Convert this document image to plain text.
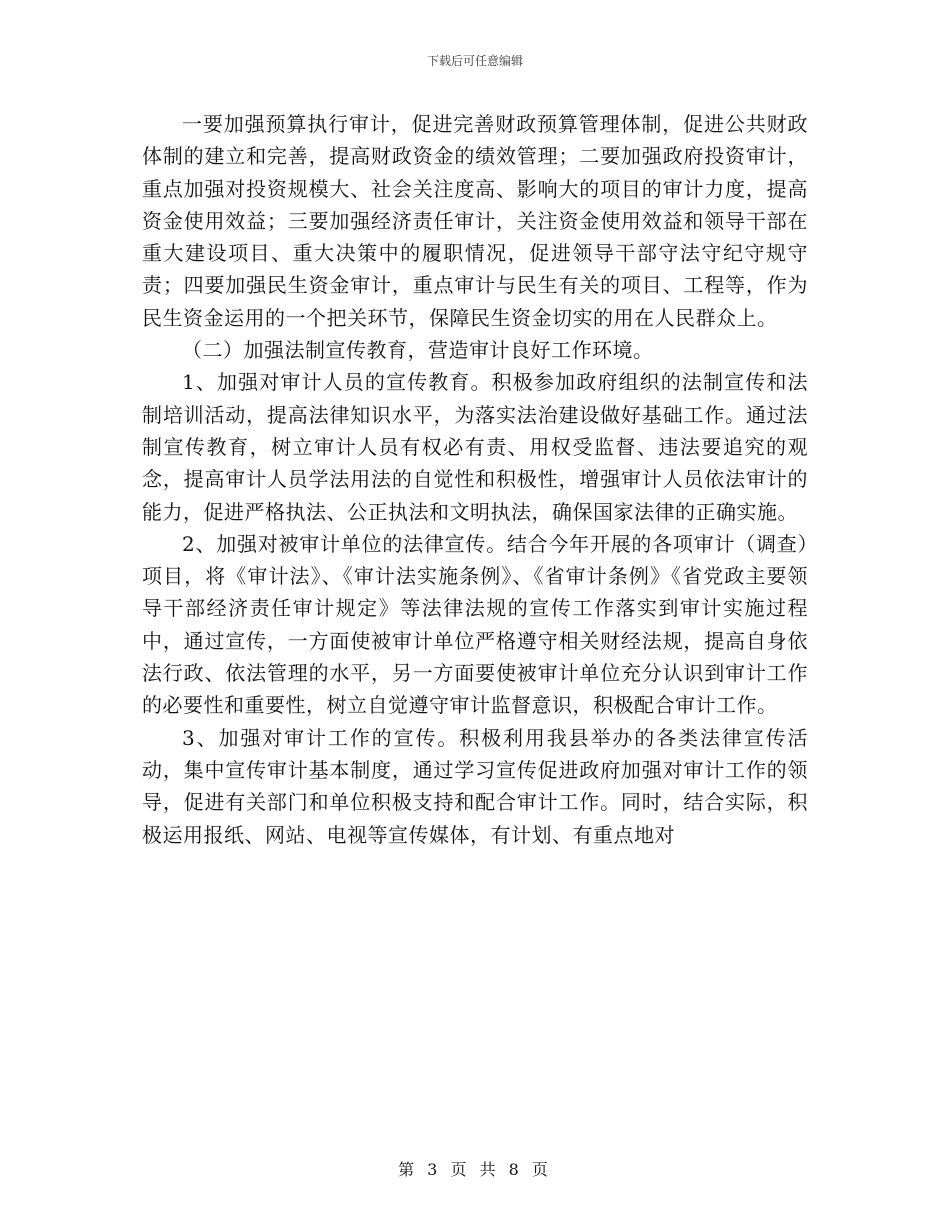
下载后可任意编辑

一要加强预算执行审计，促进完善财政预算管理体制，促进公共财政体制的建立和完善，提高财政资金的绩效管理；二要加强政府投资审计，重点加强对投资规模大、社会关注度高、影响大的项目的审计力度，提高资金使用效益；三要加强经济责任审计，关注资金使用效益和领导干部在重大建设项目、重大决策中的履职情况，促进领导干部守法守纪守规守责；四要加强民生资金审计，重点审计与民生有关的项目、工程等，作为民生资金运用的一个把关环节，保障民生资金切实的用在人民群众上。

（二）加强法制宣传教育，营造审计良好工作环境。

1、加强对审计人员的宣传教育。积极参加政府组织的法制宣传和法制培训活动，提高法律知识水平，为落实法治建设做好基础工作。通过法制宣传教育，树立审计人员有权必有责、用权受监督、违法要追究的观念，提高审计人员学法用法的自觉性和积极性，增强审计人员依法审计的能力，促进严格执法、公正执法和文明执法，确保国家法律的正确实施。

2、加强对被审计单位的法律宣传。结合今年开展的各项审计（调查）项目，将《审计法》、《审计法实施条例》、《省审计条例》《省党政主要领导干部经济责任审计规定》等法律法规的宣传工作落实到审计实施过程中，通过宣传，一方面使被审计单位严格遵守相关财经法规，提高自身依法行政、依法管理的水平，另一方面要使被审计单位充分认识到审计工作的必要性和重要性，树立自觉遵守审计监督意识，积极配合审计工作。

3、加强对审计工作的宣传。积极利用我县举办的各类法律宣传活动，集中宣传审计基本制度，通过学习宣传促进政府加强对审计工作的领导，促进有关部门和单位积极支持和配合审计工作。同时，结合实际，积极运用报纸、网站、电视等宣传媒体，有计划、有重点地对

第 3 页 共 8 页
